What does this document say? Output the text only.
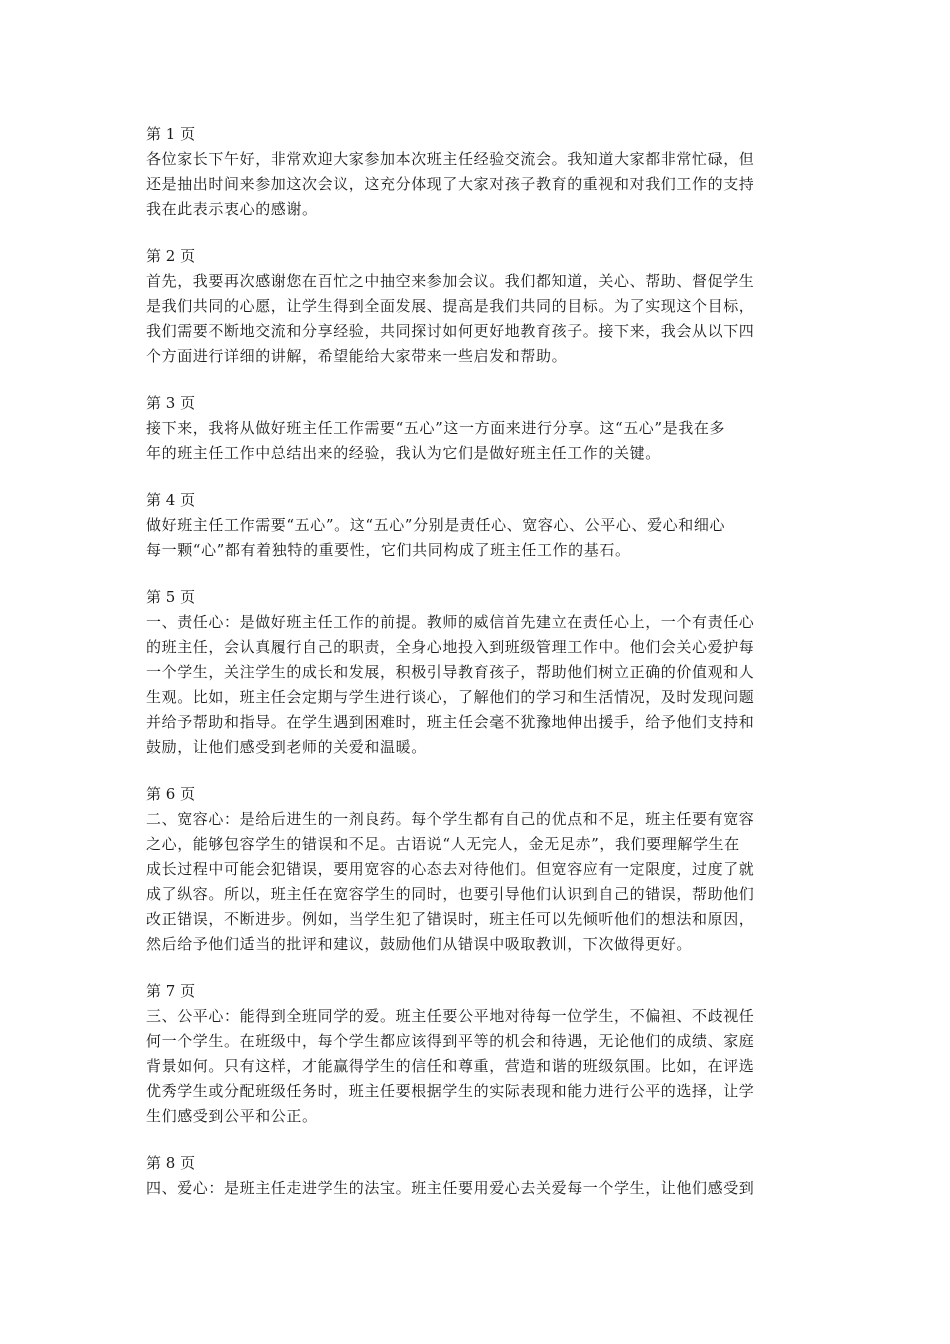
第 1 页
各位家长下午好，非常欢迎大家参加本次班主任经验交流会。我知道大家都非常忙碌，但
还是抽出时间来参加这次会议，这充分体现了大家对孩子教育的重视和对我们工作的支持
我在此表示衷心的感谢。
第 2 页
首先，我要再次感谢您在百忙之中抽空来参加会议。我们都知道，关心、帮助、督促学生
是我们共同的心愿，让学生得到全面发展、提高是我们共同的目标。为了实现这个目标，
我们需要不断地交流和分享经验，共同探讨如何更好地教育孩子。接下来，我会从以下四
个方面进行详细的讲解，希望能给大家带来一些启发和帮助。
第 3 页
接下来，我将从做好班主任工作需要“五心”这一方面来进行分享。这“五心”是我在多
年的班主任工作中总结出来的经验，我认为它们是做好班主任工作的关键。
第 4 页
做好班主任工作需要“五心”。这“五心”分别是责任心、宽容心、公平心、爱心和细心
每一颗“心”都有着独特的重要性，它们共同构成了班主任工作的基石。
第 5 页
一、责任心：是做好班主任工作的前提。教师的威信首先建立在责任心上，一个有责任心
的班主任，会认真履行自己的职责，全身心地投入到班级管理工作中。他们会关心爱护每
一个学生，关注学生的成长和发展，积极引导教育孩子，帮助他们树立正确的价值观和人
生观。比如，班主任会定期与学生进行谈心，了解他们的学习和生活情况，及时发现问题
并给予帮助和指导。在学生遇到困难时，班主任会毫不犹豫地伸出援手，给予他们支持和
鼓励，让他们感受到老师的关爱和温暖。
第 6 页
二、宽容心：是给后进生的一剂良药。每个学生都有自己的优点和不足，班主任要有宽容
之心，能够包容学生的错误和不足。古语说“人无完人，金无足赤”，我们要理解学生在
成长过程中可能会犯错误，要用宽容的心态去对待他们。但宽容应有一定限度，过度了就
成了纵容。所以，班主任在宽容学生的同时，也要引导他们认识到自己的错误，帮助他们
改正错误，不断进步。例如，当学生犯了错误时，班主任可以先倾听他们的想法和原因，
然后给予他们适当的批评和建议，鼓励他们从错误中吸取教训，下次做得更好。
第 7 页
三、公平心：能得到全班同学的爱。班主任要公平地对待每一位学生，不偏袒、不歧视任
何一个学生。在班级中，每个学生都应该得到平等的机会和待遇，无论他们的成绩、家庭
背景如何。只有这样，才能赢得学生的信任和尊重，营造和谐的班级氛围。比如，在评选
优秀学生或分配班级任务时，班主任要根据学生的实际表现和能力进行公平的选择，让学
生们感受到公平和公正。
第 8 页
四、爱心：是班主任走进学生的法宝。班主任要用爱心去关爱每一个学生，让他们感受到
